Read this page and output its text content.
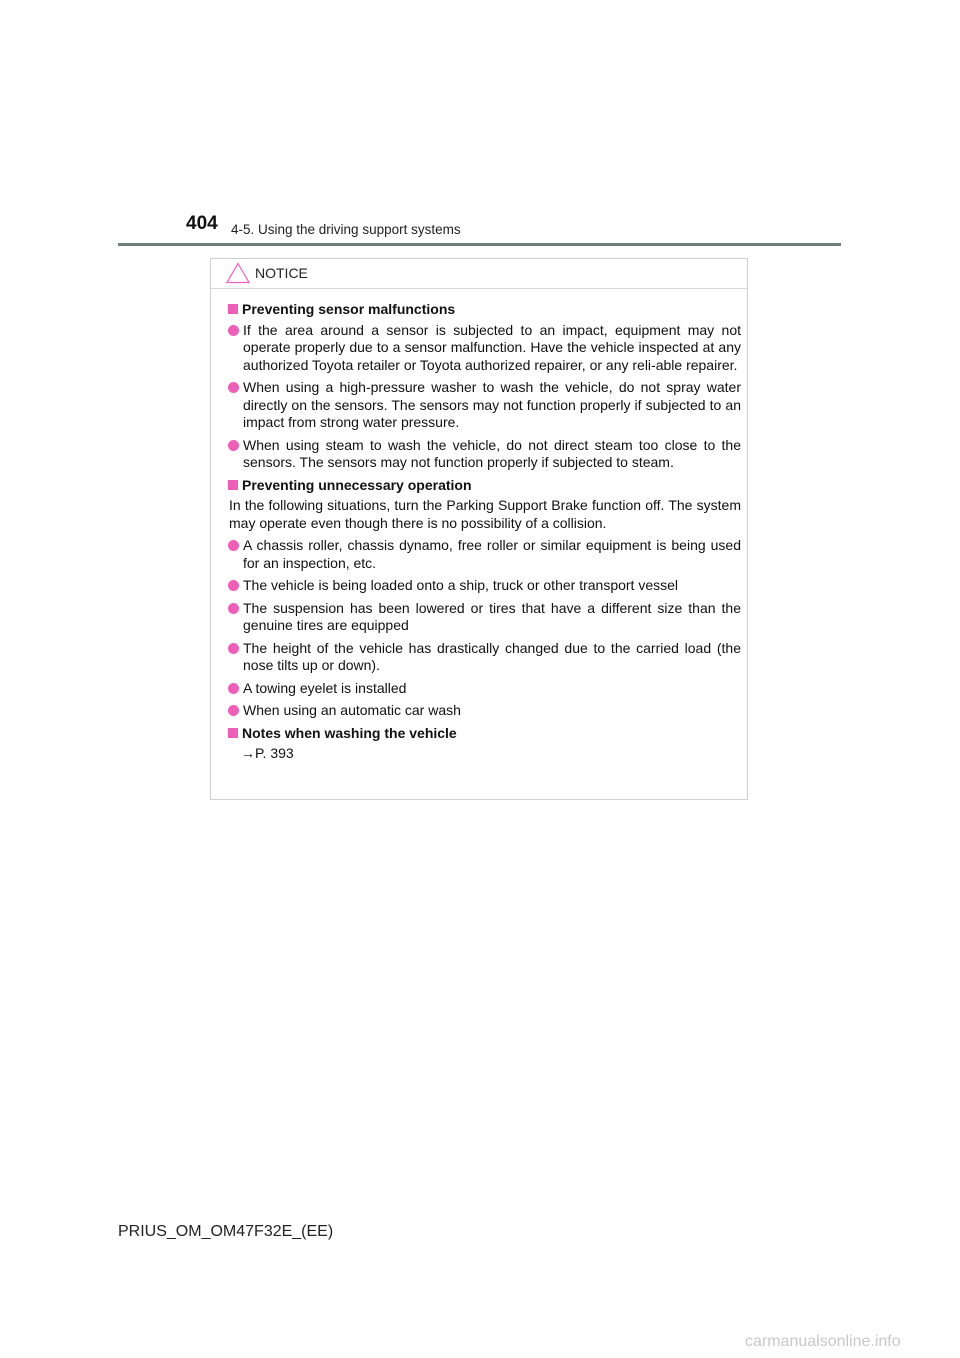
404 4-5. Using the driving support systems
NOTICE
Preventing sensor malfunctions
If the area around a sensor is subjected to an impact, equipment may not operate properly due to a sensor malfunction. Have the vehicle inspected at any authorized Toyota retailer or Toyota authorized repairer, or any reli-able repairer.
When using a high-pressure washer to wash the vehicle, do not spray water directly on the sensors. The sensors may not function properly if subjected to an impact from strong water pressure.
When using steam to wash the vehicle, do not direct steam too close to the sensors. The sensors may not function properly if subjected to steam.
Preventing unnecessary operation
In the following situations, turn the Parking Support Brake function off. The system may operate even though there is no possibility of a collision.
A chassis roller, chassis dynamo, free roller or similar equipment is being used for an inspection, etc.
The vehicle is being loaded onto a ship, truck or other transport vessel
The suspension has been lowered or tires that have a different size than the genuine tires are equipped
The height of the vehicle has drastically changed due to the carried load (the nose tilts up or down).
A towing eyelet is installed
When using an automatic car wash
Notes when washing the vehicle
→P. 393
PRIUS_OM_OM47F32E_(EE)
carmanualsonline.info
